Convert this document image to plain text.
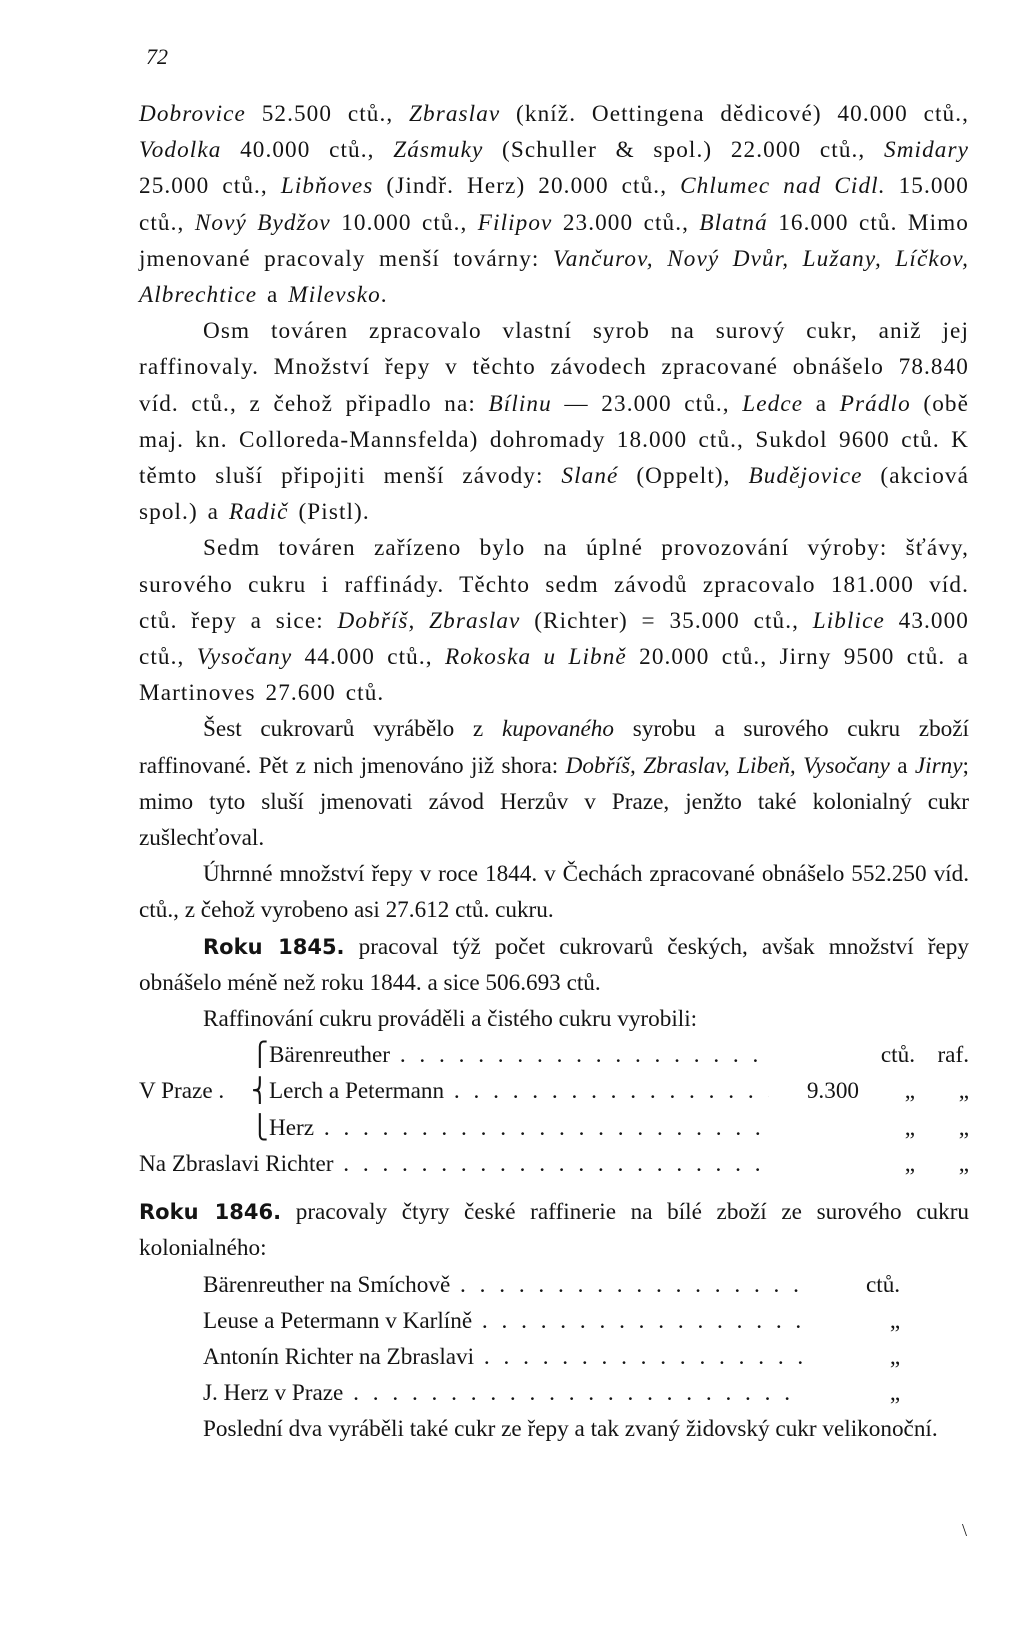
72

Dobrovice 52.500 ctů., Zbraslav (kníž. Oettingena dědicové) 40.000 ctů., Vodolka 40.000 ctů., Zásmuky (Schuller & spol.) 22.000 ctů., Smidary 25.000 ctů., Libňoves (Jindř. Herz) 20.000 ctů., Chlumec nad Cidl. 15.000 ctů., Nový Bydžov 10.000 ctů., Filipov 23.000 ctů., Blatná 16.000 ctů. Mimo jmenované pracovaly menší továrny: Vančurov, Nový Dvůr, Lužany, Líčkov, Albrechtice a Milevsko.

Osm továren zpracovalo vlastní syrob na surový cukr, aniž jej raffinovaly. Množství řepy v těchto závodech zpracované obnášelo 78.840 víd. ctů., z čehož připadlo na: Bílinu — 23.000 ctů., Ledce a Prádlo (obě maj. kn. Colloreda-Mannsfelda) dohromady 18.000 ctů., Sukdol 9600 ctů. K těmto sluší připojiti menší závody: Slané (Oppelt), Budějovice (akciová spol.) a Radič (Pistl).

Sedm továren zařízeno bylo na úplné provozování výroby: šťávy, surového cukru i raffinády. Těchto sedm závodů zpracovalo 181.000 víd. ctů. řepy a sice: Dobříš, Zbraslav (Richter) = 35.000 ctů., Liblice 43.000 ctů., Vysočany 44.000 ctů., Rokoska u Libně 20.000 ctů., Jirny 9500 ctů. a Martinoves 27.600 ctů.

Šest cukrovarů vyrábělo z kupovaného syrobu a surového cukru zboží raffinované. Pět z nich jmenováno již shora: Dobříš, Zbraslav, Libeň, Vysočany a Jirny; mimo tyto sluší jmenovati závod Herzův v Praze, jenžto také kolonialný cukr zušlechťoval.

Úhrnné množství řepy v roce 1844. v Čechách zpracované obnášelo 552.250 víd. ctů., z čehož vyrobeno asi 27.612 ctů. cukru.

Roku 1845. pracoval týž počet cukrovarů českých, avšak množství řepy obnášelo méně než roku 1844. a sice 506.693 ctů.

Raffinování cukru prováděli a čistého cukru vyrobili:

	⎧	Bärenreuther . . .		ctů.	raf.
V Praze .	⎨	Lerch a Petermann . . .	9.300	„	„
	⎩	Herz . . .		„	„

Na Zbraslavi Richter . . .				„	„

Roku 1846. pracovaly čtyry české raffinerie na bílé zboží ze surového cukru kolonialného:

Bärenreuther na Smíchově . . .	ctů.	

Leuse a Petermann v Karlíně . . .	„	

Antonín Richter na Zbraslavi . . .	„	

J. Herz v Praze . . .	„	

Poslední dva vyráběli také cukr ze řepy a tak zvaný židovský cukr velikonoční.

\
